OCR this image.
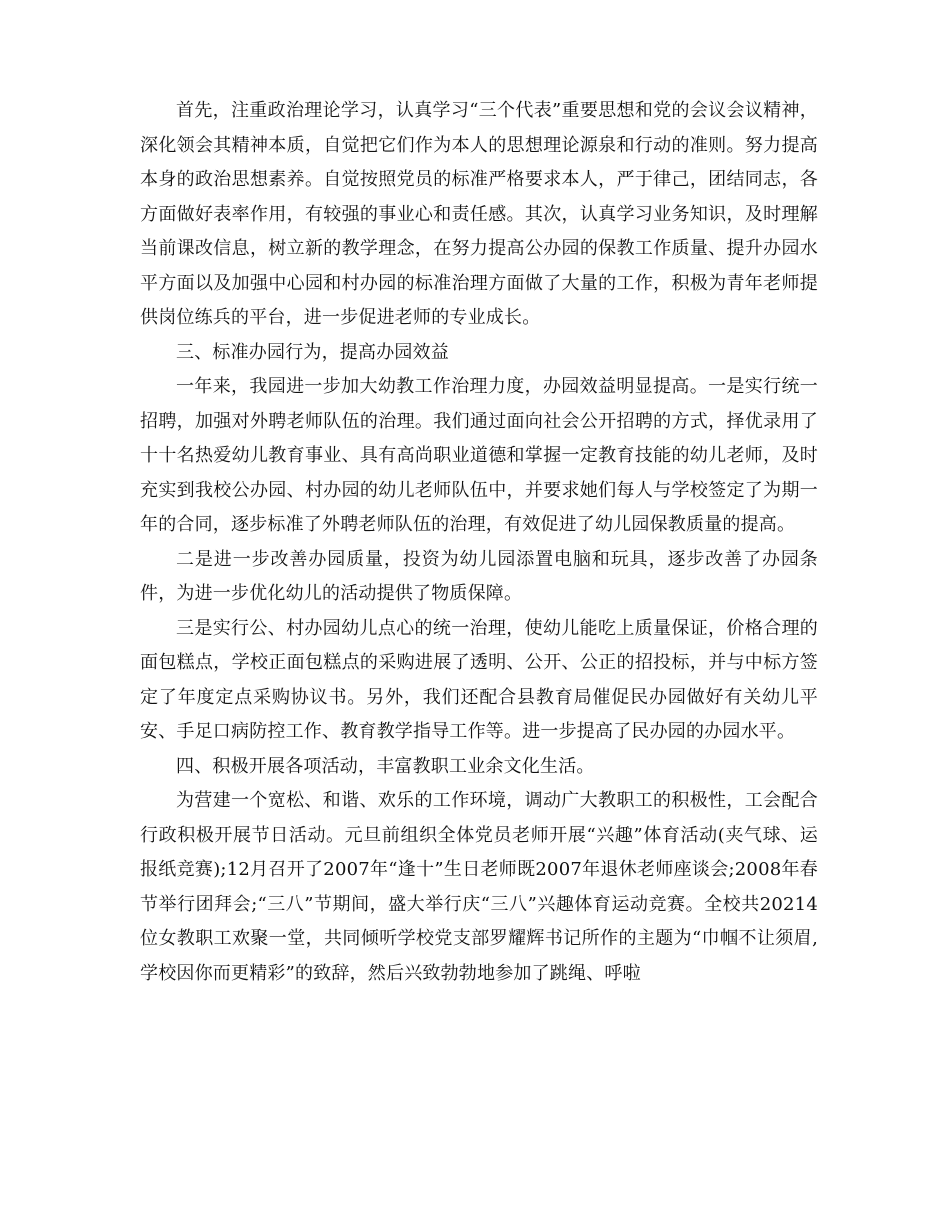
首先，注重政治理论学习，认真学习“三个代表”重要思想和党的会议会议精神，深化领会其精神本质，自觉把它们作为本人的思想理论源泉和行动的准则。努力提高本身的政治思想素养。自觉按照党员的标准严格要求本人，严于律己，团结同志，各方面做好表率作用，有较强的事业心和责任感。其次，认真学习业务知识，及时理解当前课改信息，树立新的教学理念，在努力提高公办园的保教工作质量、提升办园水平方面以及加强中心园和村办园的标准治理方面做了大量的工作，积极为青年老师提供岗位练兵的平台，进一步促进老师的专业成长。

三、标准办园行为，提高办园效益

一年来，我园进一步加大幼教工作治理力度，办园效益明显提高。一是实行统一招聘，加强对外聘老师队伍的治理。我们通过面向社会公开招聘的方式，择优录用了十十名热爱幼儿教育事业、具有高尚职业道德和掌握一定教育技能的幼儿老师，及时充实到我校公办园、村办园的幼儿老师队伍中，并要求她们每人与学校签定了为期一年的合同，逐步标准了外聘老师队伍的治理，有效促进了幼儿园保教质量的提高。

二是进一步改善办园质量，投资为幼儿园添置电脑和玩具，逐步改善了办园条件，为进一步优化幼儿的活动提供了物质保障。

三是实行公、村办园幼儿点心的统一治理，使幼儿能吃上质量保证，价格合理的面包糕点，学校正面包糕点的采购进展了透明、公开、公正的招投标，并与中标方签定了年度定点采购协议书。另外，我们还配合县教育局催促民办园做好有关幼儿平安、手足口病防控工作、教育教学指导工作等。进一步提高了民办园的办园水平。

四、积极开展各项活动，丰富教职工业余文化生活。

为营建一个宽松、和谐、欢乐的工作环境，调动广大教职工的积极性，工会配合行政积极开展节日活动。元旦前组织全体党员老师开展“兴趣”体育活动(夹气球、运报纸竞赛);12月召开了2007年“逢十”生日老师既2007年退休老师座谈会;2008年春节举行团拜会;“三八”节期间，盛大举行庆“三八”兴趣体育运动竞赛。全校共20214位女教职工欢聚一堂，共同倾听学校党支部罗耀辉书记所作的主题为“巾帼不让须眉,学校因你而更精彩”的致辞，然后兴致勃勃地参加了跳绳、呼啦
